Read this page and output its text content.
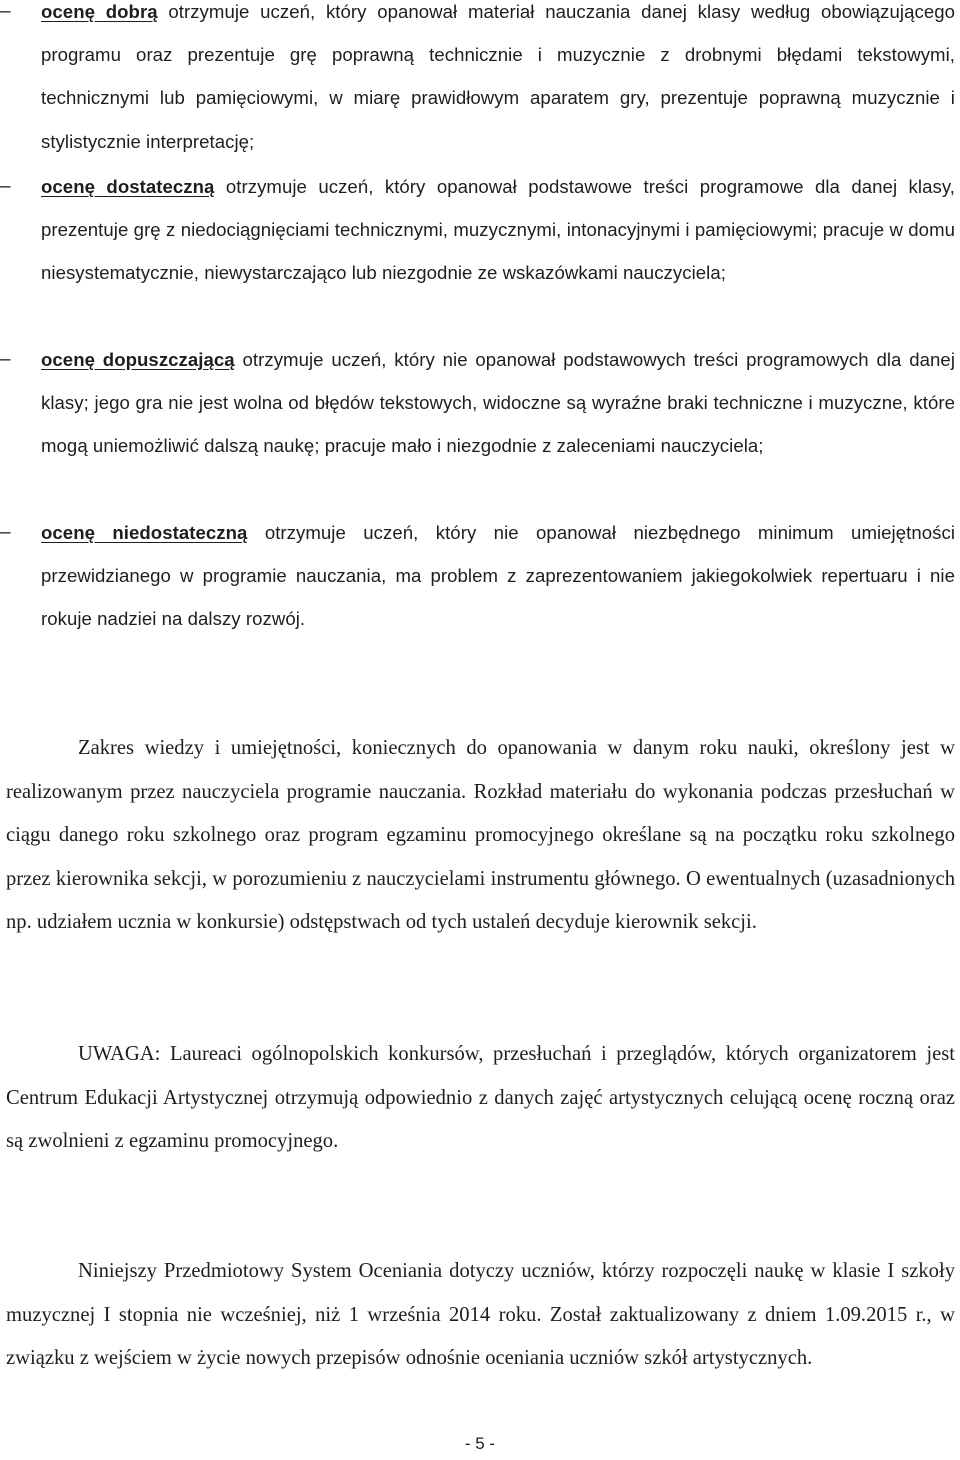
–	ocenę dobrą otrzymuje uczeń, który opanował materiał nauczania danej klasy według obowiązującego programu oraz prezentuje grę poprawną technicznie i muzycznie z drobnymi błędami tekstowymi, technicznymi lub pamięciowymi, w miarę prawidłowym aparatem gry, prezentuje poprawną muzycznie i stylistycznie interpretację;
–	ocenę dostateczną otrzymuje uczeń, który opanował podstawowe treści programowe dla danej klasy, prezentuje grę z niedociągnięciami technicznymi, muzycznymi, intonacyjnymi i pamięciowymi; pracuje w domu niesystematycznie, niewystarczająco lub niezgodnie ze wskazówkami nauczyciela;
–	ocenę dopuszczającą otrzymuje uczeń, który nie opanował podstawowych treści programowych dla danej klasy; jego gra nie jest wolna od błędów tekstowych, widoczne są wyraźne braki techniczne i muzyczne, które mogą uniemożliwić dalszą naukę; pracuje mało i niezgodnie z zaleceniami nauczyciela;
–	ocenę niedostateczną otrzymuje uczeń, który nie opanował niezbędnego minimum umiejętności przewidzianego w programie nauczania, ma problem z zaprezentowaniem jakiegokolwiek repertuaru i nie rokuje nadziei na dalszy rozwój.

Zakres wiedzy i umiejętności, koniecznych do opanowania w danym roku nauki, określony jest w realizowanym przez nauczyciela programie nauczania. Rozkład materiału do wykonania podczas przesłuchań w ciągu danego roku szkolnego oraz program egzaminu promocyjnego określane są na początku roku szkolnego przez kierownika sekcji, w porozumieniu z nauczycielami instrumentu głównego. O ewentualnych (uzasadnionych np. udziałem ucznia w konkursie) odstępstwach od tych ustaleń decyduje kierownik sekcji.

UWAGA: Laureaci ogólnopolskich konkursów, przesłuchań i przeglądów, których organizatorem jest Centrum Edukacji Artystycznej otrzymują odpowiednio z danych zajęć artystycznych celującą ocenę roczną oraz są zwolnieni z egzaminu promocyjnego.

Niniejszy Przedmiotowy System Oceniania dotyczy uczniów, którzy rozpoczęli naukę w klasie I szkoły muzycznej I stopnia nie wcześniej, niż 1 września 2014 roku. Został zaktualizowany z dniem 1.09.2015 r., w związku z wejściem w życie nowych przepisów odnośnie oceniania uczniów szkół artystycznych.

- 5 -
